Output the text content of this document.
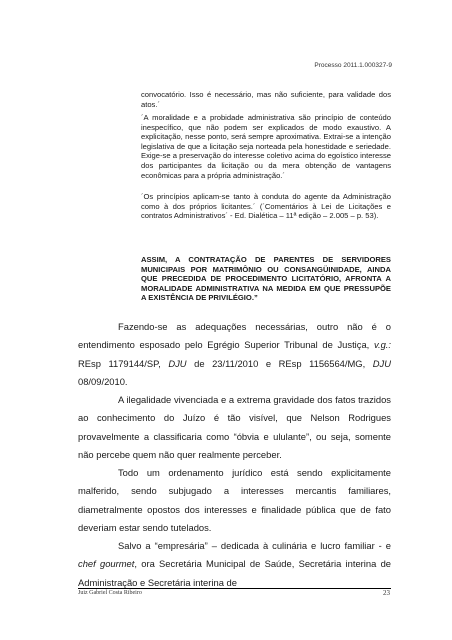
Processo 2011.1.000327-9

convocatório. Isso é necessário, mas não suficiente, para validade dos atos.´

´A moralidade e a probidade administrativa são princípio de conteúdo inespecífico, que não podem ser explicados de modo exaustivo. A explicitação, nesse ponto, será sempre aproximativa. Extrai-se a intenção legislativa de que a licitação seja norteada pela honestidade e seriedade. Exige-se a preservação do interesse coletivo acima do egoístico interesse dos participantes da licitação ou da mera obtenção de vantagens econômicas para a própria administração.´

´Os princípios aplicam-se tanto à conduta do agente da Administração como à dos próprios licitantes.´ (´Comentários à Lei de Licitações e contratos Administrativos´ - Ed. Dialética – 11ª edição – 2.005 – p. 53).

ASSIM, A CONTRATAÇÃO DE PARENTES DE SERVIDORES MUNICIPAIS POR MATRIMÔNIO OU CONSANGÜINIDADE, AINDA QUE PRECEDIDA DE PROCEDIMENTO LICITATÓRIO, AFRONTA A MORALIDADE ADMINISTRATIVA NA MEDIDA EM QUE PRESSUPÕE A EXISTÊNCIA DE PRIVILÉGIO.”

Fazendo-se as adequações necessárias, outro não é o entendimento esposado pelo Egrégio Superior Tribunal de Justiça, v.g.: REsp 1179144/SP, DJU de 23/11/2010 e REsp 1156564/MG, DJU 08/09/2010.

A ilegalidade vivenciada e a extrema gravidade dos fatos trazidos ao conhecimento do Juízo é tão visível, que Nelson Rodrigues provavelmente a classificaria como “óbvia e ululante”, ou seja, somente não percebe quem não quer realmente perceber.

Todo um ordenamento jurídico está sendo explicitamente malferido, sendo subjugado a interesses mercantis familiares, diametralmente opostos dos interesses e finalidade pública que de fato deveriam estar sendo tutelados.

Salvo a “empresária” – dedicada à culinária e lucro familiar - e chef gourmet, ora Secretária Municipal de Saúde, Secretária interina de Administração e Secretária interina de

Juiz Gabriel Costa Ribeiro	23
